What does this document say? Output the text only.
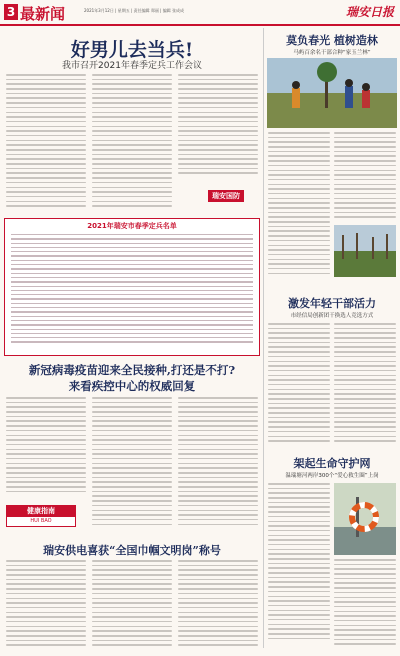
3 最新闻	2021年3月12日 | 星期五 | 责任编辑 郑丽 | 编辑 张成成	瑞安日报
好男儿去当兵!
我市召开2021年春季定兵工作会议
瑞安国防
2021年瑞安市春季定兵名单
新冠病毒疫苗迎来全民接种,打还是不打?
来看疾控中心的权威回复
健康指南
HUI BAO
瑞安供电喜获“全国巾帼文明岗”称号
莫负春光 植树造林
马屿百余名干部合种“家玉兰林”
激发年轻干部活力
市经信局创新团干换选人竞选方式
架起生命守护网
温瑞塘河两岸300个“爱心救生圈”上岗
